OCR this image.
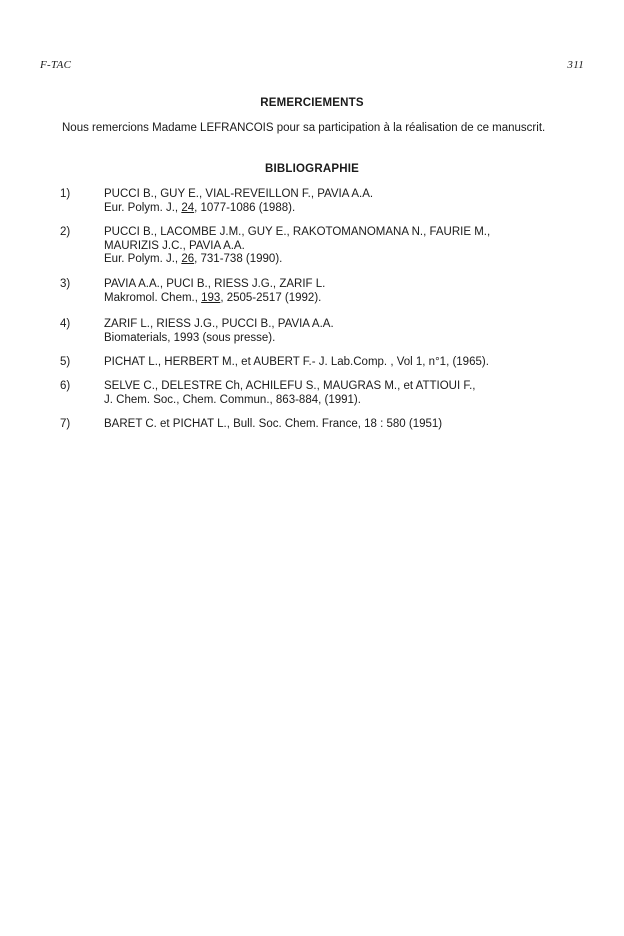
F-TAC	311
REMERCIEMENTS
Nous remercions Madame LEFRANCOIS pour sa participation à la réalisation de ce manuscrit.
BIBLIOGRAPHIE
1)	PUCCI B., GUY E., VIAL-REVEILLON F., PAVIA A.A.
Eur. Polym. J., 24, 1077-1086 (1988).
2)	PUCCI B., LACOMBE J.M., GUY E., RAKOTOMANOMANA N., FAURIE M.,
MAURIZIS J.C., PAVIA A.A.
Eur. Polym. J., 26, 731-738 (1990).
3)	PAVIA A.A., PUCI B., RIESS J.G., ZARIF L.
Makromol. Chem., 193, 2505-2517 (1992).
4)	ZARIF L., RIESS J.G., PUCCI B., PAVIA A.A.
Biomaterials, 1993 (sous presse).
5)	PICHAT L., HERBERT M., et AUBERT F.- J. Lab.Comp. , Vol 1, n°1, (1965).
6)	SELVE C., DELESTRE Ch, ACHILEFU S., MAUGRAS M., et ATTIOUI F.,
J. Chem. Soc., Chem. Commun., 863-884, (1991).
7)	BARET C. et PICHAT L., Bull. Soc. Chem. France, 18 : 580 (1951)
